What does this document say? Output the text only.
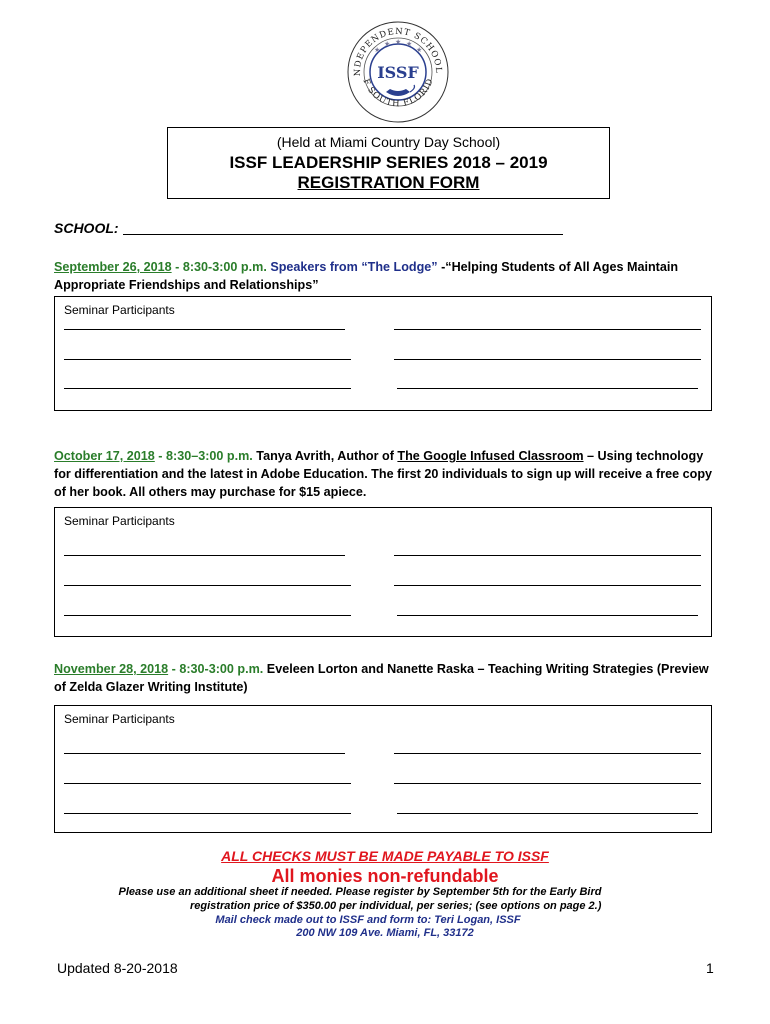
NDEPENDENT SCHOOL
F SOUTH FLORID
★
★ ★ ★
★
ISSF
(Held at Miami Country Day School)
ISSF LEADERSHIP SERIES 2018 – 2019
REGISTRATION FORM
SCHOOL:
September 26, 2018 - 8:30-3:00 p.m. Speakers from “The Lodge” -“Helping Students of All Ages Maintain Appropriate Friendships and Relationships”
Seminar Participants
October 17, 2018 - 8:30–3:00 p.m. Tanya Avrith, Author of The Google Infused Classroom – Using technology for differentiation and the latest in Adobe Education. The first 20 individuals to sign up will receive a free copy of her book. All others may purchase for $15 apiece.
Seminar Participants
November 28, 2018 - 8:30-3:00 p.m. Eveleen Lorton and Nanette Raska – Teaching Writing Strategies (Preview of Zelda Glazer Writing Institute)
Seminar Participants
ALL CHECKS MUST BE MADE PAYABLE TO ISSF
All monies non-refundable
Please use an additional sheet if needed. Please register by September 5th for the Early Bird
registration price of $350.00 per individual, per series; (see options on page 2.)
Mail check made out to ISSF and form to: Teri Logan, ISSF
200 NW 109 Ave. Miami, FL, 33172
Updated 8-20-2018	1
